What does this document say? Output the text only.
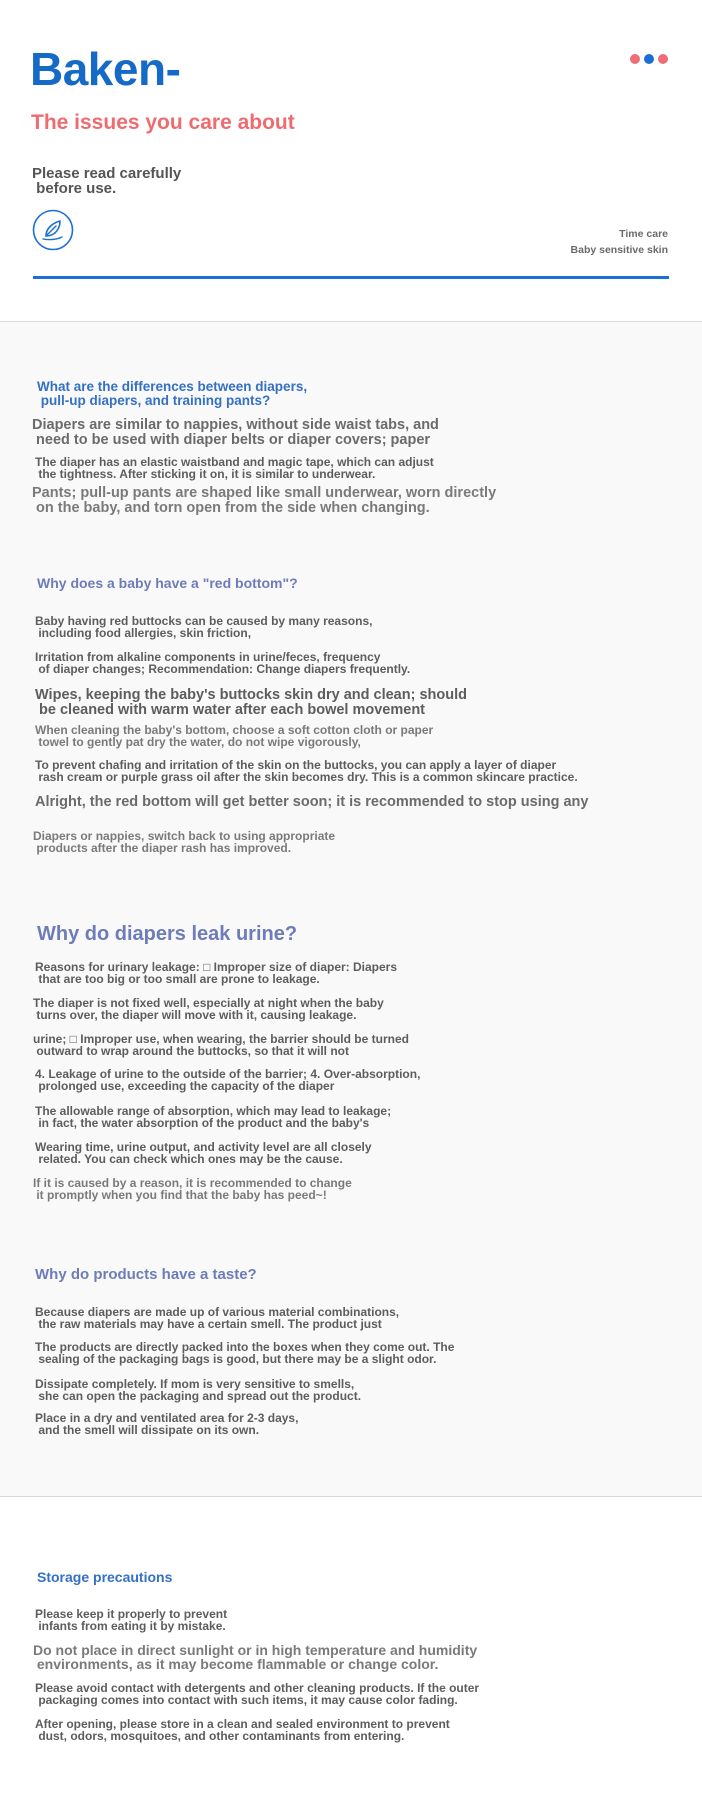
Baken-
The issues you care about
Please read carefully
before use.
Time care
Baby sensitive skin
What are the differences between diapers,
pull-up diapers, and training pants?
Diapers are similar to nappies, without side waist tabs, and
need to be used with diaper belts or diaper covers; paper
The diaper has an elastic waistband and magic tape, which can adjust
the tightness. After sticking it on, it is similar to underwear.
Pants; pull-up pants are shaped like small underwear, worn directly
on the baby, and torn open from the side when changing.
Why does a baby have a "red bottom"?
Baby having red buttocks can be caused by many reasons,
including food allergies, skin friction,
Irritation from alkaline components in urine/feces, frequency
of diaper changes; Recommendation: Change diapers frequently.
Wipes, keeping the baby's buttocks skin dry and clean; should
be cleaned with warm water after each bowel movement
When cleaning the baby's bottom, choose a soft cotton cloth or paper
towel to gently pat dry the water, do not wipe vigorously,
To prevent chafing and irritation of the skin on the buttocks, you can apply a layer of diaper
rash cream or purple grass oil after the skin becomes dry. This is a common skincare practice.
Alright, the red bottom will get better soon; it is recommended to stop using any
Diapers or nappies, switch back to using appropriate
products after the diaper rash has improved.
Why do diapers leak urine?
Reasons for urinary leakage: □ Improper size of diaper: Diapers
that are too big or too small are prone to leakage.
The diaper is not fixed well, especially at night when the baby
turns over, the diaper will move with it, causing leakage.
urine; □ Improper use, when wearing, the barrier should be turned
outward to wrap around the buttocks, so that it will not
4. Leakage of urine to the outside of the barrier; 4. Over-absorption,
prolonged use, exceeding the capacity of the diaper
The allowable range of absorption, which may lead to leakage;
in fact, the water absorption of the product and the baby's
Wearing time, urine output, and activity level are all closely
related. You can check which ones may be the cause.
If it is caused by a reason, it is recommended to change
it promptly when you find that the baby has peed~!
Why do products have a taste?
Because diapers are made up of various material combinations,
the raw materials may have a certain smell. The product just
The products are directly packed into the boxes when they come out. The
sealing of the packaging bags is good, but there may be a slight odor.
Dissipate completely. If mom is very sensitive to smells,
she can open the packaging and spread out the product.
Place in a dry and ventilated area for 2-3 days,
and the smell will dissipate on its own.
Storage precautions
Please keep it properly to prevent
infants from eating it by mistake.
Do not place in direct sunlight or in high temperature and humidity
environments, as it may become flammable or change color.
Please avoid contact with detergents and other cleaning products. If the outer
packaging comes into contact with such items, it may cause color fading.
After opening, please store in a clean and sealed environment to prevent
dust, odors, mosquitoes, and other contaminants from entering.
